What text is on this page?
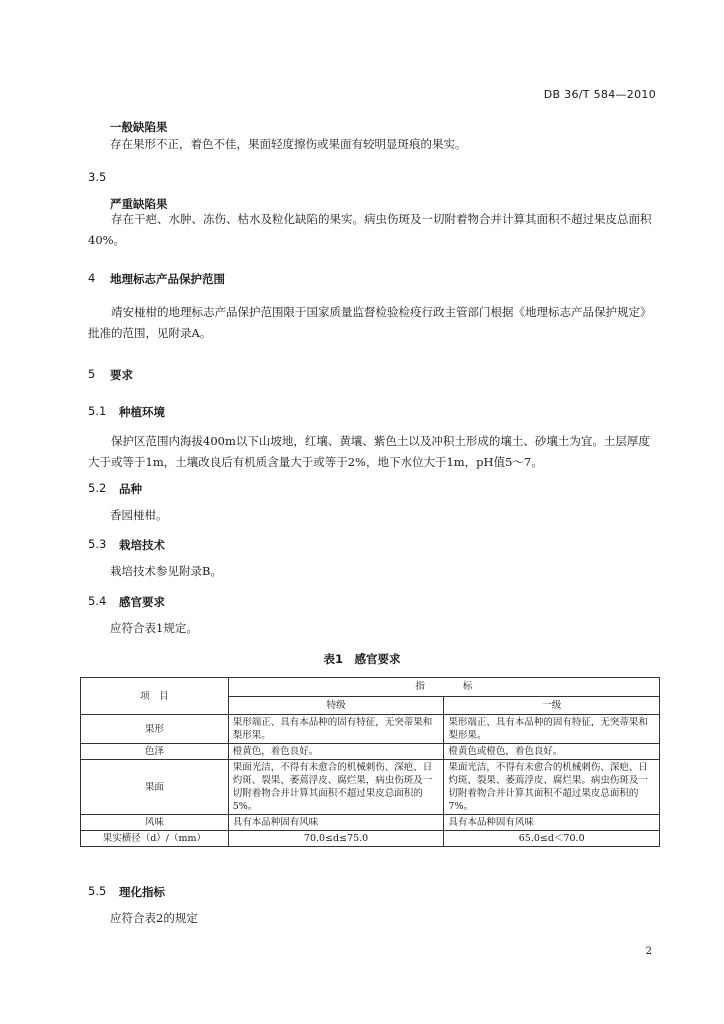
DB 36/T 584—2010
一般缺陷果
存在果形不正，着色不佳，果面轻度擦伤或果面有较明显斑痕的果实。
3.5
严重缺陷果
存在干疤、水肿、冻伤、枯水及粒化缺陷的果实。病虫伤斑及一切附着物合并计算其面积不超过果皮总面积40%。
4 地理标志产品保护范围
靖安椪柑的地理标志产品保护范围限于国家质量监督检验检疫行政主管部门根据《地理标志产品保护规定》批准的范围，见附录A。
5 要求
5.1 种植环境
保护区范围内海拔400m以下山坡地，红壤、黄壤、紫色土以及冲积土形成的壤土、砂壤土为宜。土层厚度大于或等于1m，土壤改良后有机质含量大于或等于2%，地下水位大于1m，pH值5～7。
5.2 品种
香园椪柑。
5.3 栽培技术
栽培技术参见附录B。
5.4 感官要求
应符合表1规定。
表1　感官要求
项　目	指　　　　标	
	特级	一级
果形	果形端正、具有本品种的固有特征，无突蒂果和梨形果。	果形端正、具有本品种的固有特征，无突蒂果和梨形果。
色泽	橙黄色，着色良好。	橙黄色或橙色，着色良好。
果面	果面光洁，不得有未愈合的机械刺伤、深疤、日灼斑、裂果、萎蔫浮皮、腐烂果，病虫伤斑及一切附着物合并计算其面积不超过果皮总面积的5%。	果面光洁，不得有未愈合的机械刺伤、深疤、日灼斑、裂果、萎蔫浮皮、腐烂果。病虫伤斑及一切附着物合并计算其面积不超过果皮总面积的7%。
风味	具有本品种固有风味	具有本品种固有风味
果实横径（d）/（mm）	70.0≤d≤75.0	65.0≤d＜70.0
5.5 理化指标
应符合表2的规定
2
